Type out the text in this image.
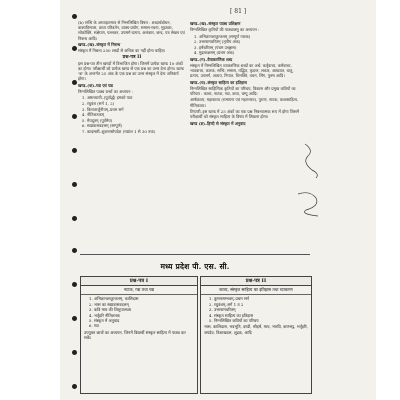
[ 81 ]

(b) सन्धि के अध्याहारमात्र से निम्नलिखित विषय : शब्दार्थबोधन, वाक्यविन्यास, वाच्य परिवर्तन, वाक्य-प्रयोग, समास-रचना, मुहावरा, लोकोक्ति, संक्षेपण, पल्लवन, उपसर्ग-प्रत्यय, अलंकार, छन्द, पत्र लेखन एवं निबन्ध आदि।

खण्ड–(ख)–संस्कृत में निबन्ध

संस्कृत में निबन्ध 250 शब्दों से अधिक का नहीं होना चाहिए।

प्रश्न-पत्र II

इस प्रश्न-पत्र तीन खण्डों में विभाजित होगा। जिसमें प्रत्येक खण्ड 10 अंकों का होगा। परीक्षार्थी को प्रत्येक खण्ड से एक प्रश्न का उत्तर देना होगा। खण्ड 'क' के अन्तर्गत 25 अंक के एक प्रश्न का उत्तर संस्कृत में देना अनिवार्य होगा।

खण्ड–(क)–गद्य एवं पद्य

निम्नलिखित पाठ्य ग्रन्थों का अध्ययन :

1. अष्टाध्यायी–(पूर्वार्द्ध) हमको पाठ
2. रघुवंश (सर्ग 1, 2)
3. किरातार्जुनीयम्–प्रथम सर्ग
4. नीतिशतकम्
5. मेघदूतम् (पूर्वमेघ)
6. स्वप्नवासवदत्तम् (सम्पूर्ण)
7. कादम्बरी–शुकनासोपदेश (गद्यांश 1 से 30 तक)

खण्ड–(ख)–संस्कृत पाठ्य प्रशिक्षण

निम्नलिखित कृतियों की पाठ्यवस्तु का अध्ययन :

1. अभिज्ञानशाकुन्तलम् (सम्पूर्ण नाटक)
2. उत्तररामचरितम् (तृतीय अंक)
3. हर्षचरितम् (पंचम उच्छ्वास)
4. मुद्राराक्षसम् (प्रथम अंक)

खण्ड–(ग)–वैयाकरणिक शब्द

संस्कृत में निम्नलिखित व्याकरणिक शब्दों का अर्थ: कर्तृवाच्य, कर्मवाच्य, भाववाच्य, कारक, सन्धि, समास, तद्धित, कृदन्त, लकार, आख्यात, धातु, प्रत्यय, उपसर्ग, अव्यय, निपात, विभक्ति, वचन, लिंग, पुरुष आदि।

खण्ड–(घ)–संस्कृत साहित्य का इतिहास

निम्नलिखित साहित्यिक कृतियों का परिचय, विकास और प्रमुख कवियों का परिचय : काव्य, नाटक, गद्य, कथा, चम्पू आदि।

आर्षकाव्य, महाकाव्य (रामायण एवं महाभारत), पुराण, नाटक, कथासाहित्य, गीतिकाव्य।

टिप्पणी–इस खण्ड में 25 अंकों का एक प्रश्न निबन्धात्मक रूप में होगा जिसमें परीक्षार्थी को संस्कृत साहित्य के विषय में लिखना होगा।

खण्ड (ङ)–हिन्दी से संस्कृत में अनुवाद

मध्य प्रदेश पी. एस. सी.
प्रश्न-पत्र I
नाटक, गद्य तथा पद्य
1. अभिज्ञानशाकुन्तलम्, कालिदास
2. भास का स्वप्नवासवदत्तम्
3. कवि माघ की शिशुपालवध
4. भर्तृहरि नीतिशतक
5. संस्कृत में अनुवाद
6. गद्य

उपयुक्त छात्रों का अध्ययन, जिनमें विद्यार्थी संस्कृत साहित्य में पाठ्य कर सकें।

प्रश्न-पत्र II
काव्य, संस्कृत साहित्य का इतिहास तथा व्याकरण
1. कुमारसम्भवम्–प्रथम सर्ग
2. रघुवंशम्–सर्ग 1 व 2
3. उत्तररामचरितम्
4. संस्कृत साहित्य का इतिहास
5. निम्नलिखित कवियों का परिचय

भास, कालिदास, भवभूति, दण्डी, श्रीहर्ष, माघ, भारवि, बाणभट्ट, भर्तृहरि, जयदेव, विशाखदत्त, शूद्रक, आदि
